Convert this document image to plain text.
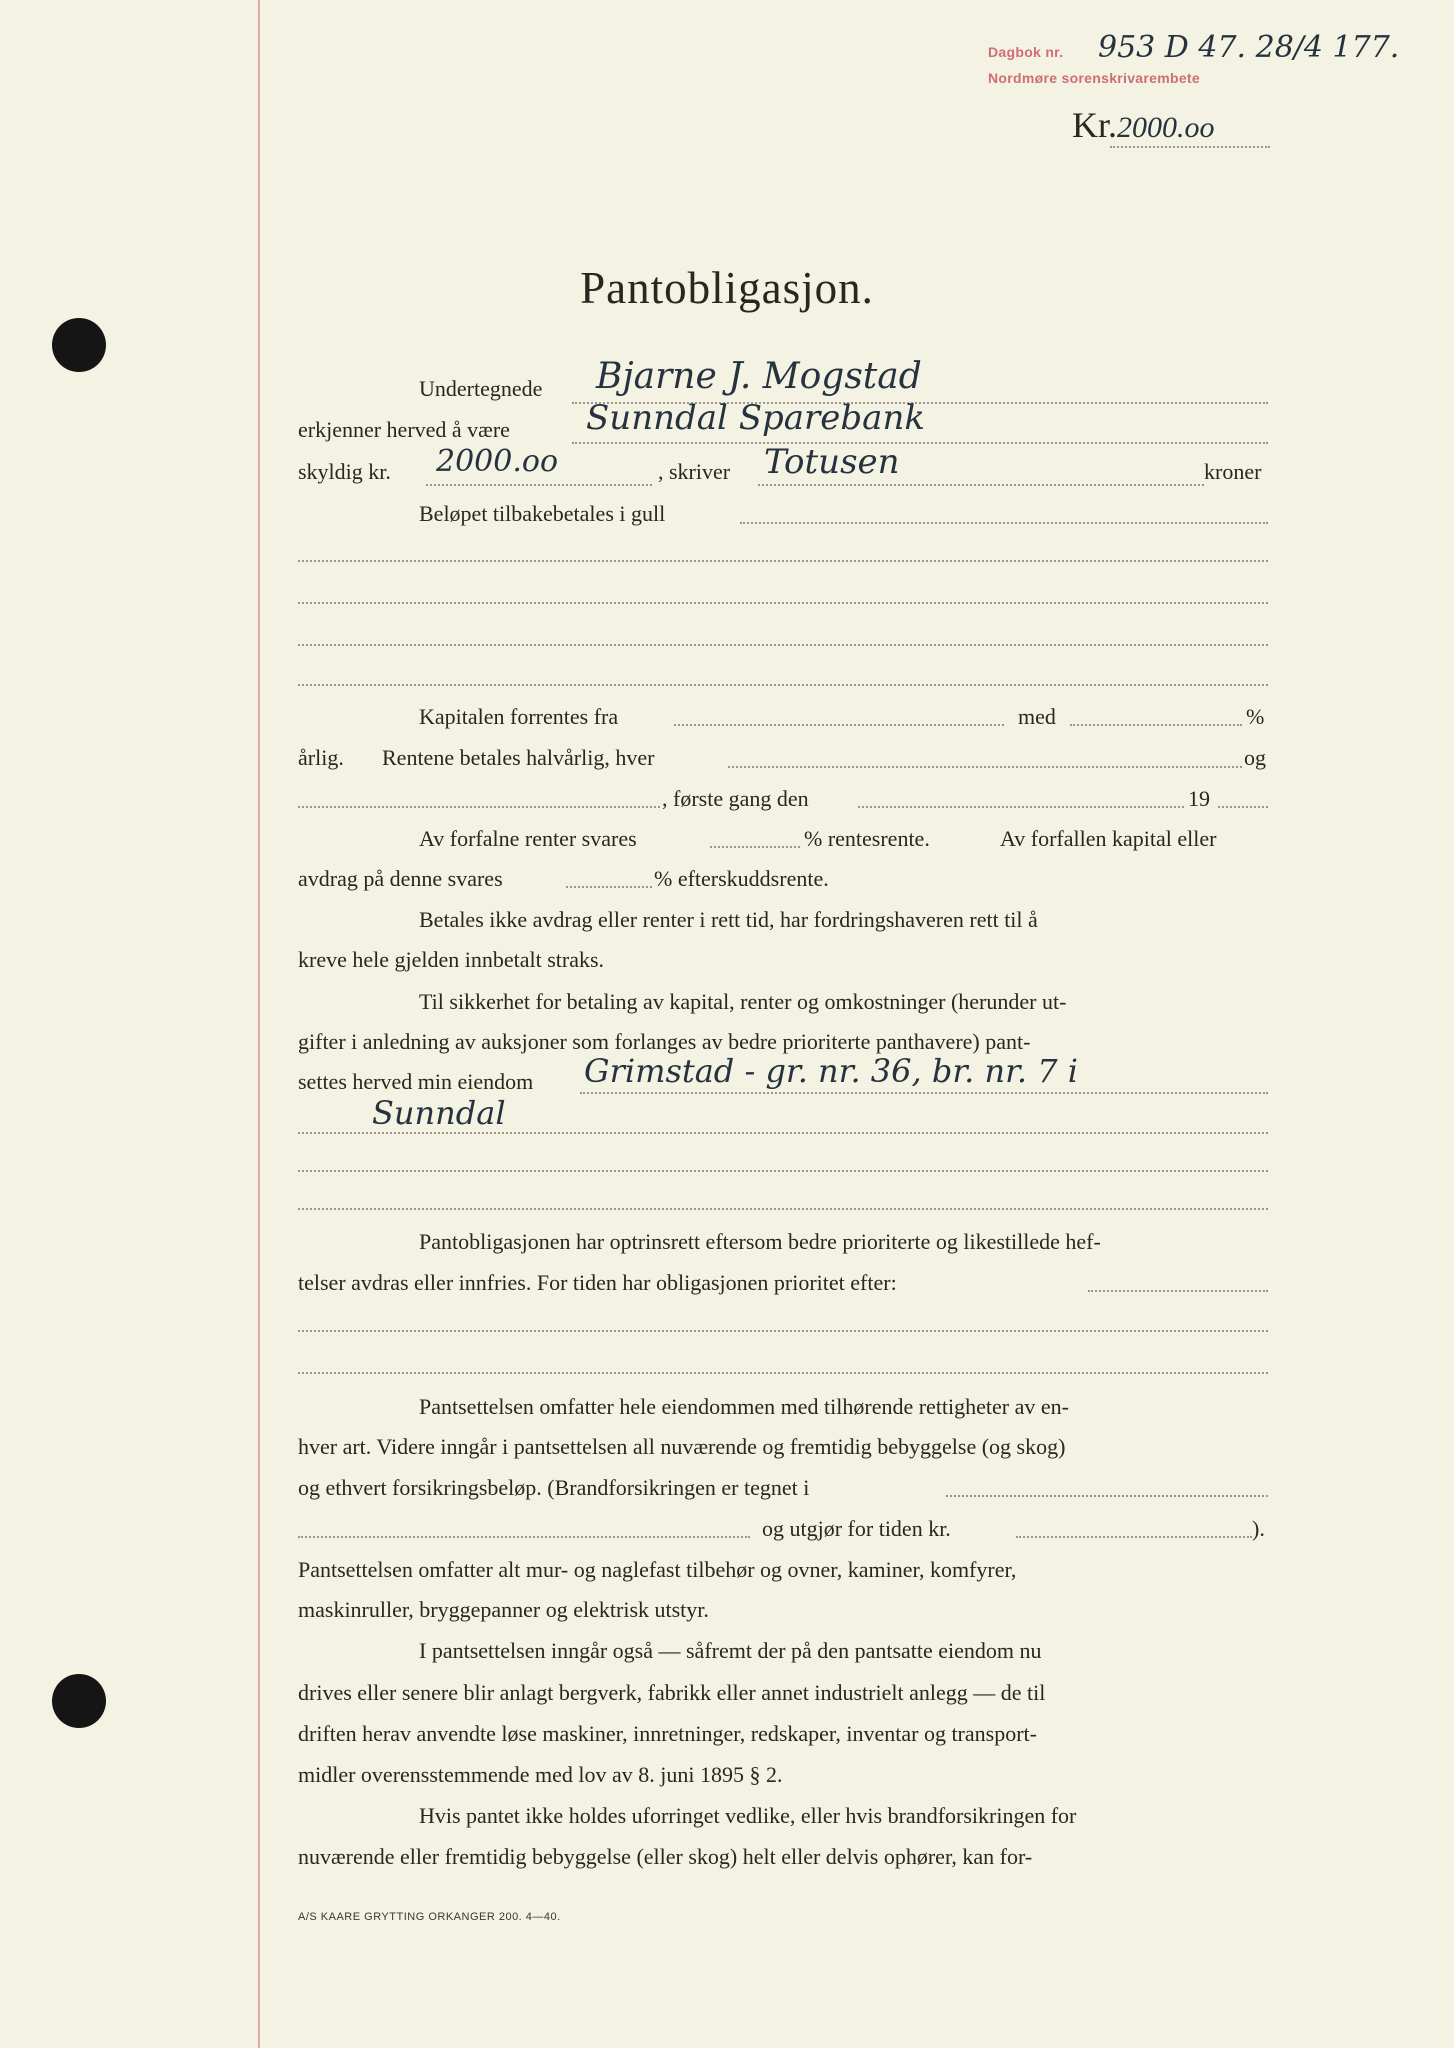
Dagbok nr.
Nordmøre sorenskrivarembete
953 D 47. 28/4 177.
Kr.2000.oo
Pantobligasjon.
Undertegnede Bjarne J. Mogstad
erkjenner herved å være Sunndal Sparebank
skyldig kr. 2000.oo	, skriver Totusen	kroner
Beløpet tilbakebetales i gull
Kapitalen forrentes fra	med	%
årlig. Rentene betales halvårlig, hver	og
, første gang den	19
Av forfalne renter svares	% rentesrente.	Av forfallen kapital eller
avdrag på denne svares	% efterskuddsrente.
Betales ikke avdrag eller renter i rett tid, har fordringshaveren rett til å
kreve hele gjelden innbetalt straks.
Til sikkerhet for betaling av kapital, renter og omkostninger (herunder ut-
gifter i anledning av auksjoner som forlanges av bedre prioriterte panthavere) pant-
settes herved min eiendom Grimstad - gr. nr. 36, br. nr. 7 i
Sunndal
Pantobligasjonen har optrinsrett eftersom bedre prioriterte og likestillede hef-
telser avdras eller innfries. For tiden har obligasjonen prioritet efter:
Pantsettelsen omfatter hele eiendommen med tilhørende rettigheter av en-
hver art. Videre inngår i pantsettelsen all nuværende og fremtidig bebyggelse (og skog)
og ethvert forsikringsbeløp. (Brandforsikringen er tegnet i
og utgjør for tiden kr.	).
Pantsettelsen omfatter alt mur- og naglefast tilbehør og ovner, kaminer, komfyrer,
maskinruller, bryggepanner og elektrisk utstyr.
I pantsettelsen inngår også — såfremt der på den pantsatte eiendom nu
drives eller senere blir anlagt bergverk, fabrikk eller annet industrielt anlegg — de til
driften herav anvendte løse maskiner, innretninger, redskaper, inventar og transport-
midler overensstemmende med lov av 8. juni 1895 § 2.
Hvis pantet ikke holdes uforringet vedlike, eller hvis brandforsikringen for
nuværende eller fremtidig bebyggelse (eller skog) helt eller delvis ophører, kan for-
A/S KAARE GRYTTING ORKANGER 200. 4—40.
